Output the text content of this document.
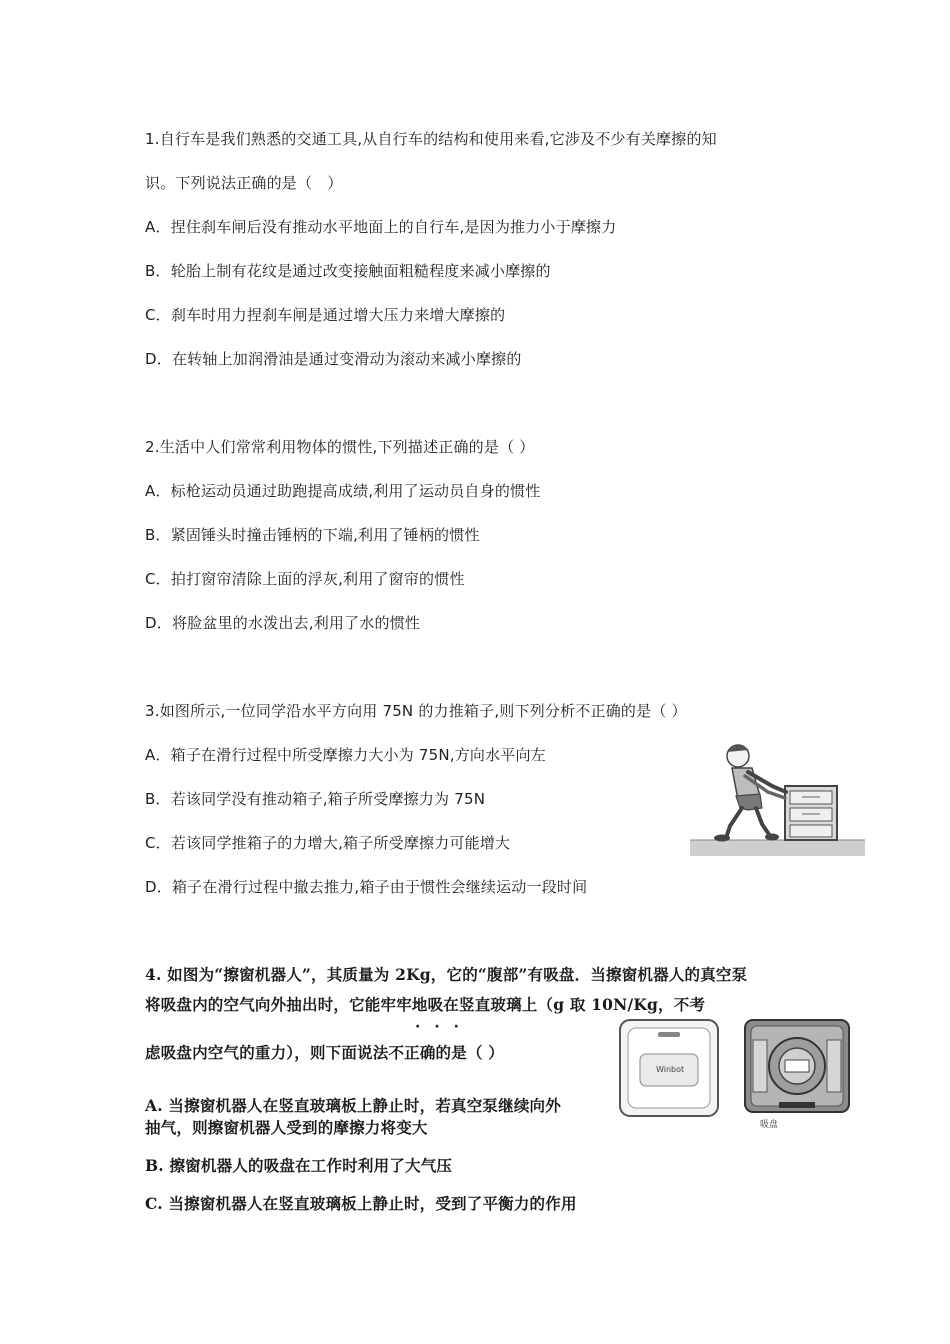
1.自行车是我们熟悉的交通工具,从自行车的结构和使用来看,它涉及不少有关摩擦的知
识。下列说法正确的是（　）
A．捏住刹车闸后没有推动水平地面上的自行车,是因为推力小于摩擦力
B．轮胎上制有花纹是通过改变接触面粗糙程度来减小摩擦的
C．刹车时用力捏刹车闸是通过增大压力来增大摩擦的
D．在转轴上加润滑油是通过变滑动为滚动来减小摩擦的
2.生活中人们常常利用物体的惯性,下列描述正确的是（ ）
A．标枪运动员通过助跑提高成绩,利用了运动员自身的惯性
B．紧固锤头时撞击锤柄的下端,利用了锤柄的惯性
C．拍打窗帘清除上面的浮灰,利用了窗帘的惯性
D．将脸盆里的水泼出去,利用了水的惯性
3.如图所示,一位同学沿水平方向用 75N 的力推箱子,则下列分析不正确的是（ ）
A．箱子在滑行过程中所受摩擦力大小为 75N,方向水平向左
B．若该同学没有推动箱子,箱子所受摩擦力为 75N
C．若该同学推箱子的力增大,箱子所受摩擦力可能增大
D．箱子在滑行过程中撤去推力,箱子由于惯性会继续运动一段时间
4. 如图为“擦窗机器人”，其质量为 2Kg，它的“腹部”有吸盘．当擦窗机器人的真空泵
将吸盘内的空气向外抽出时，它能牢牢地吸在竖直玻璃上（g 取 10N/Kg，不考
···
虑吸盘内空气的重力），则下面说法不正确的是（ ）
A. 当擦窗机器人在竖直玻璃板上静止时，若真空泵继续向外
抽气，则擦窗机器人受到的摩擦力将变大
B. 擦窗机器人的吸盘在工作时利用了大气压
C. 当擦窗机器人在竖直玻璃板上静止时，受到了平衡力的作用
Winbot
吸盘
